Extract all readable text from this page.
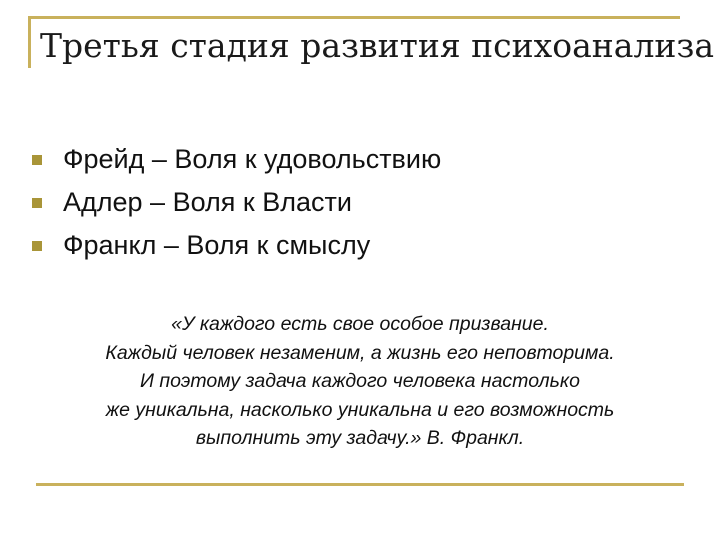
Третья стадия развития психоанализа
Фрейд – Воля к удовольствию
Адлер – Воля к Власти
Франкл – Воля к смыслу
«У каждого есть свое особое призвание.
Каждый человек незаменим, а жизнь его неповторима.
И поэтому задача каждого человека настолько
же уникальна, насколько уникальна и его возможность
выполнить эту задачу.» В. Франкл.
